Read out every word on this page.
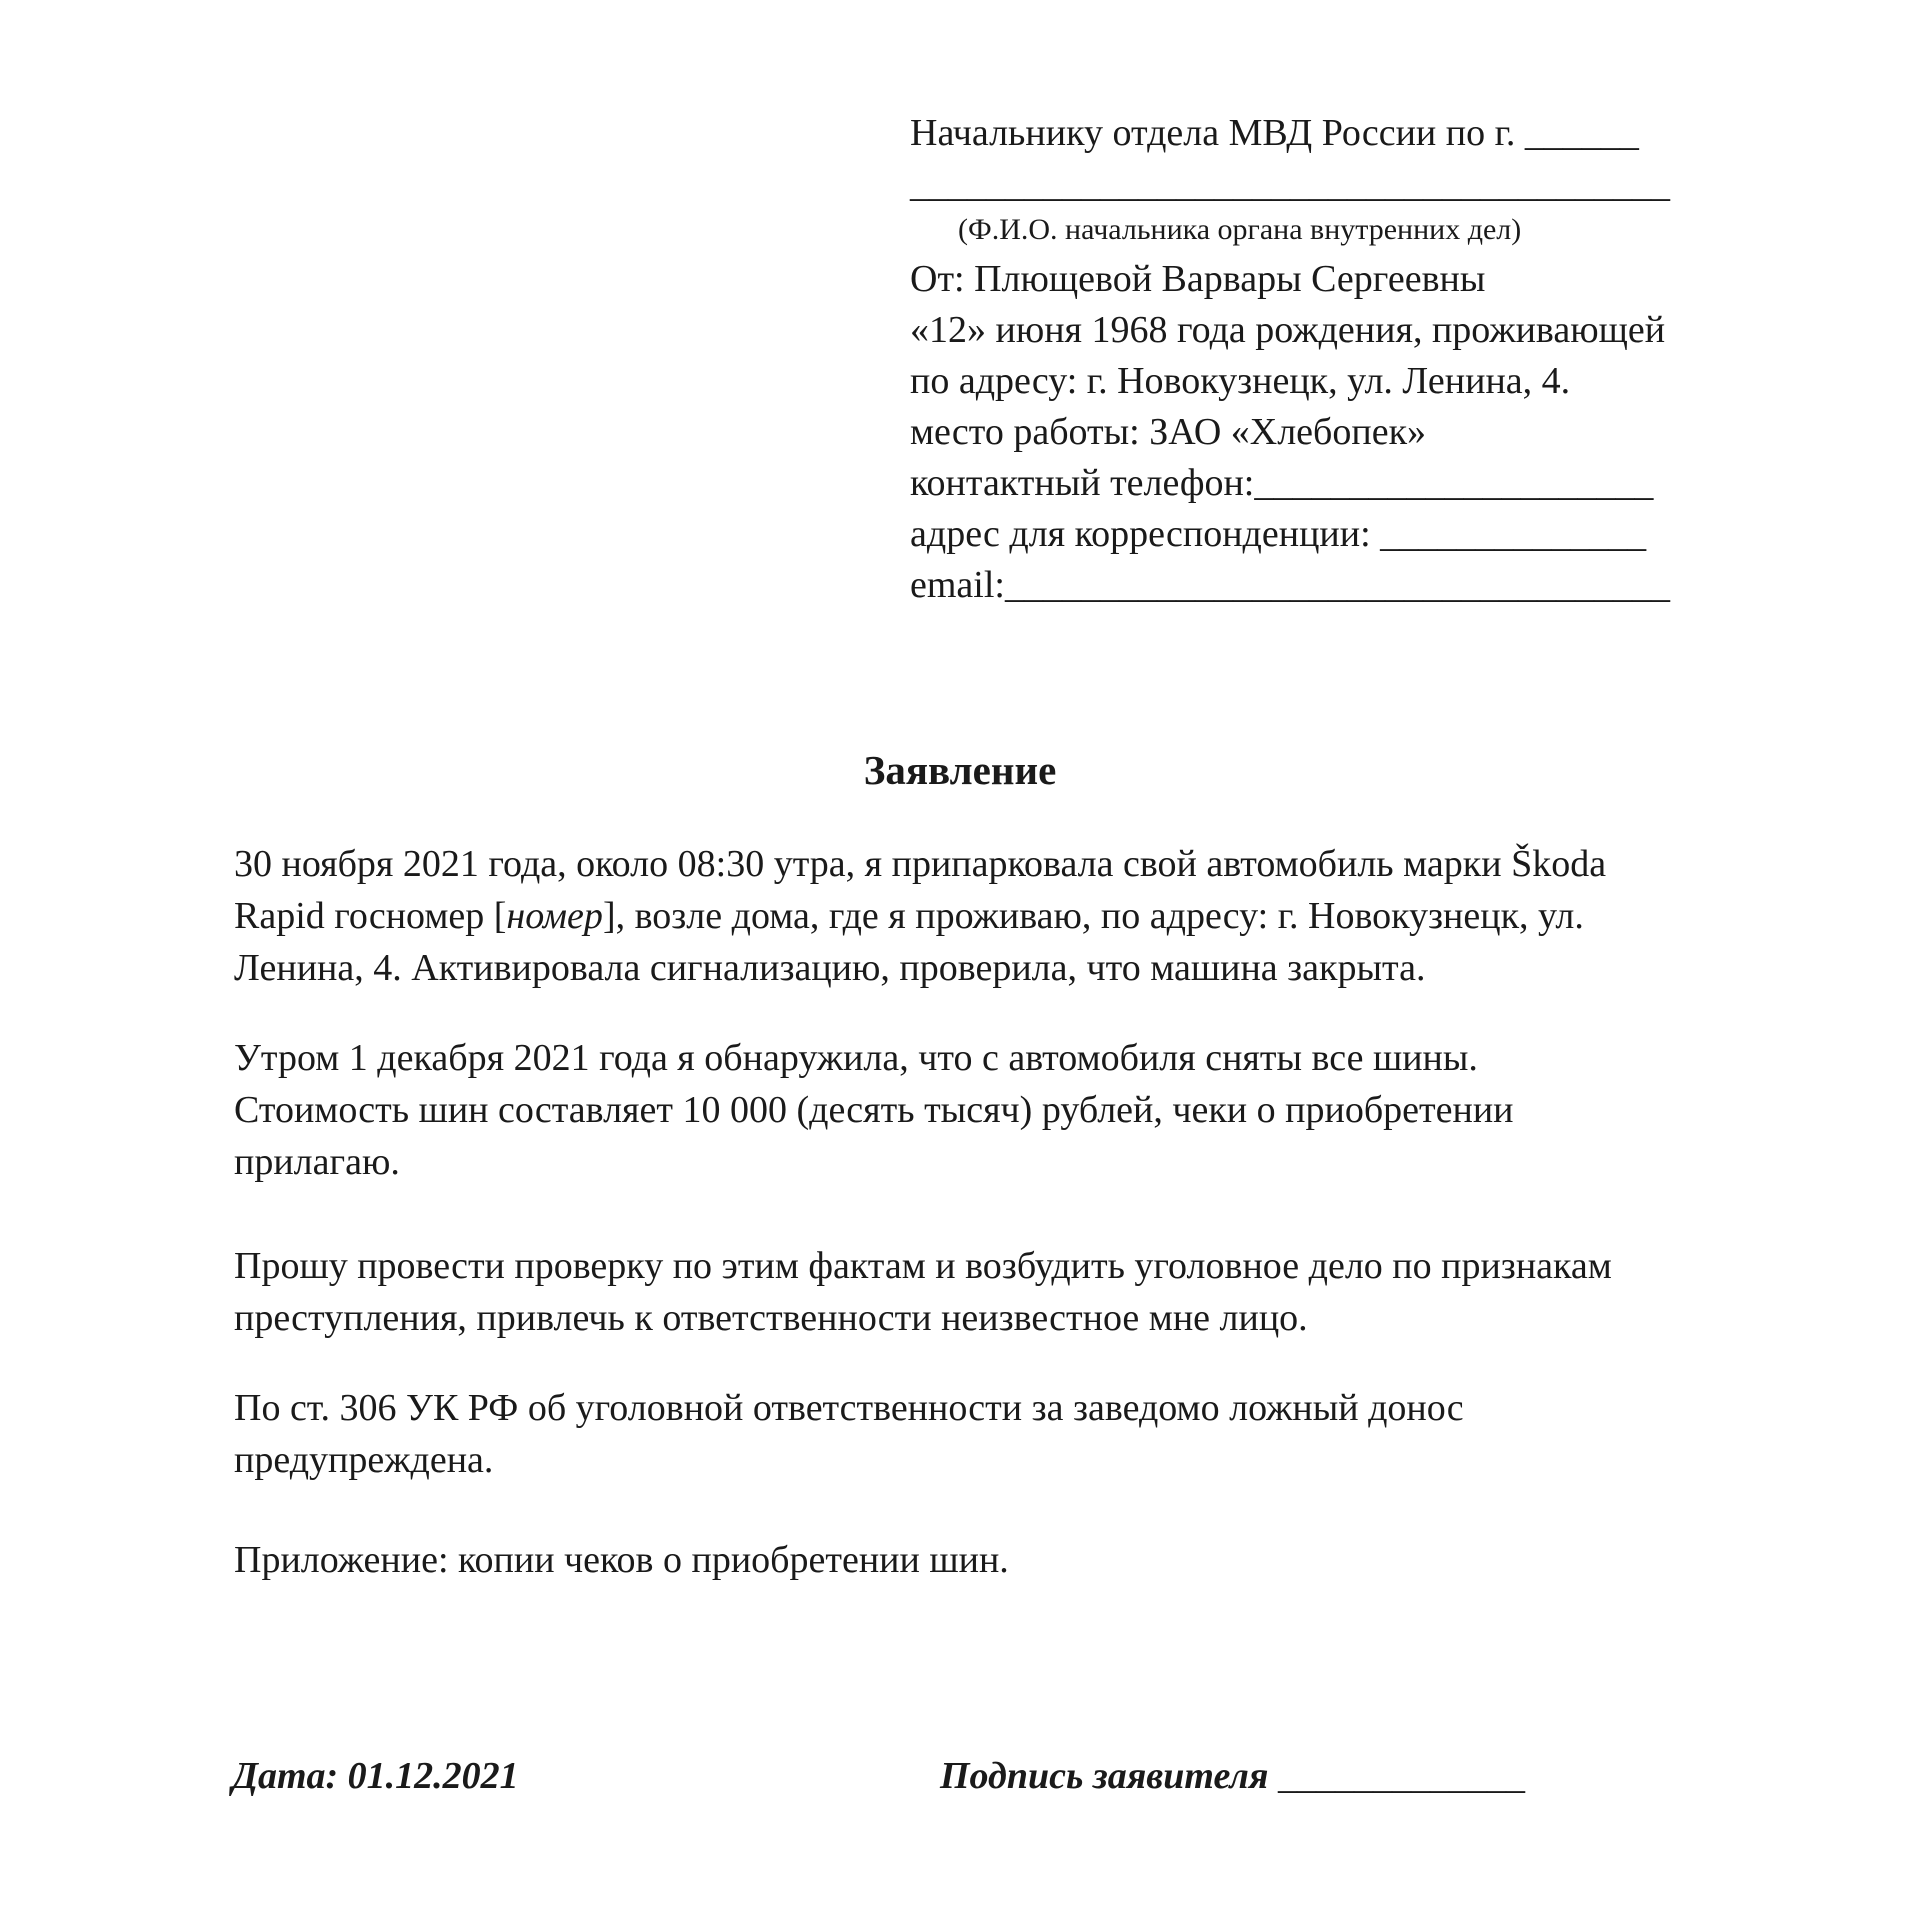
Начальнику отдела МВД России по г. ______
________________________________________
(Ф.И.О. начальника органа внутренних дел)
От: Плющевой Варвары Сергеевны
«12» июня 1968 года рождения, проживающей
по адресу: г. Новокузнецк, ул. Ленина, 4.
место работы: ЗАО «Хлебопек»
контактный телефон:_____________________
адрес для корреспонденции: ______________
email:___________________________________
Заявление

30 ноября 2021 года, около 08:30 утра, я припарковала свой автомобиль марки Škoda
Rapid госномер [номер], возле дома, где я проживаю, по адресу: г. Новокузнецк, ул.
Ленина, 4. Активировала сигнализацию, проверила, что машина закрыта.

Утром 1 декабря 2021 года я обнаружила, что с автомобиля сняты все шины.
Стоимость шин составляет 10 000 (десять тысяч) рублей, чеки о приобретении
прилагаю.

Прошу провести проверку по этим фактам и возбудить уголовное дело по признакам
преступления, привлечь к ответственности неизвестное мне лицо.

По ст. 306 УК РФ об уголовной ответственности за заведомо ложный донос
предупреждена.

Приложение: копии чеков о приобретении шин.

Дата: 01.12.2021	Подпись заявителя _____________
